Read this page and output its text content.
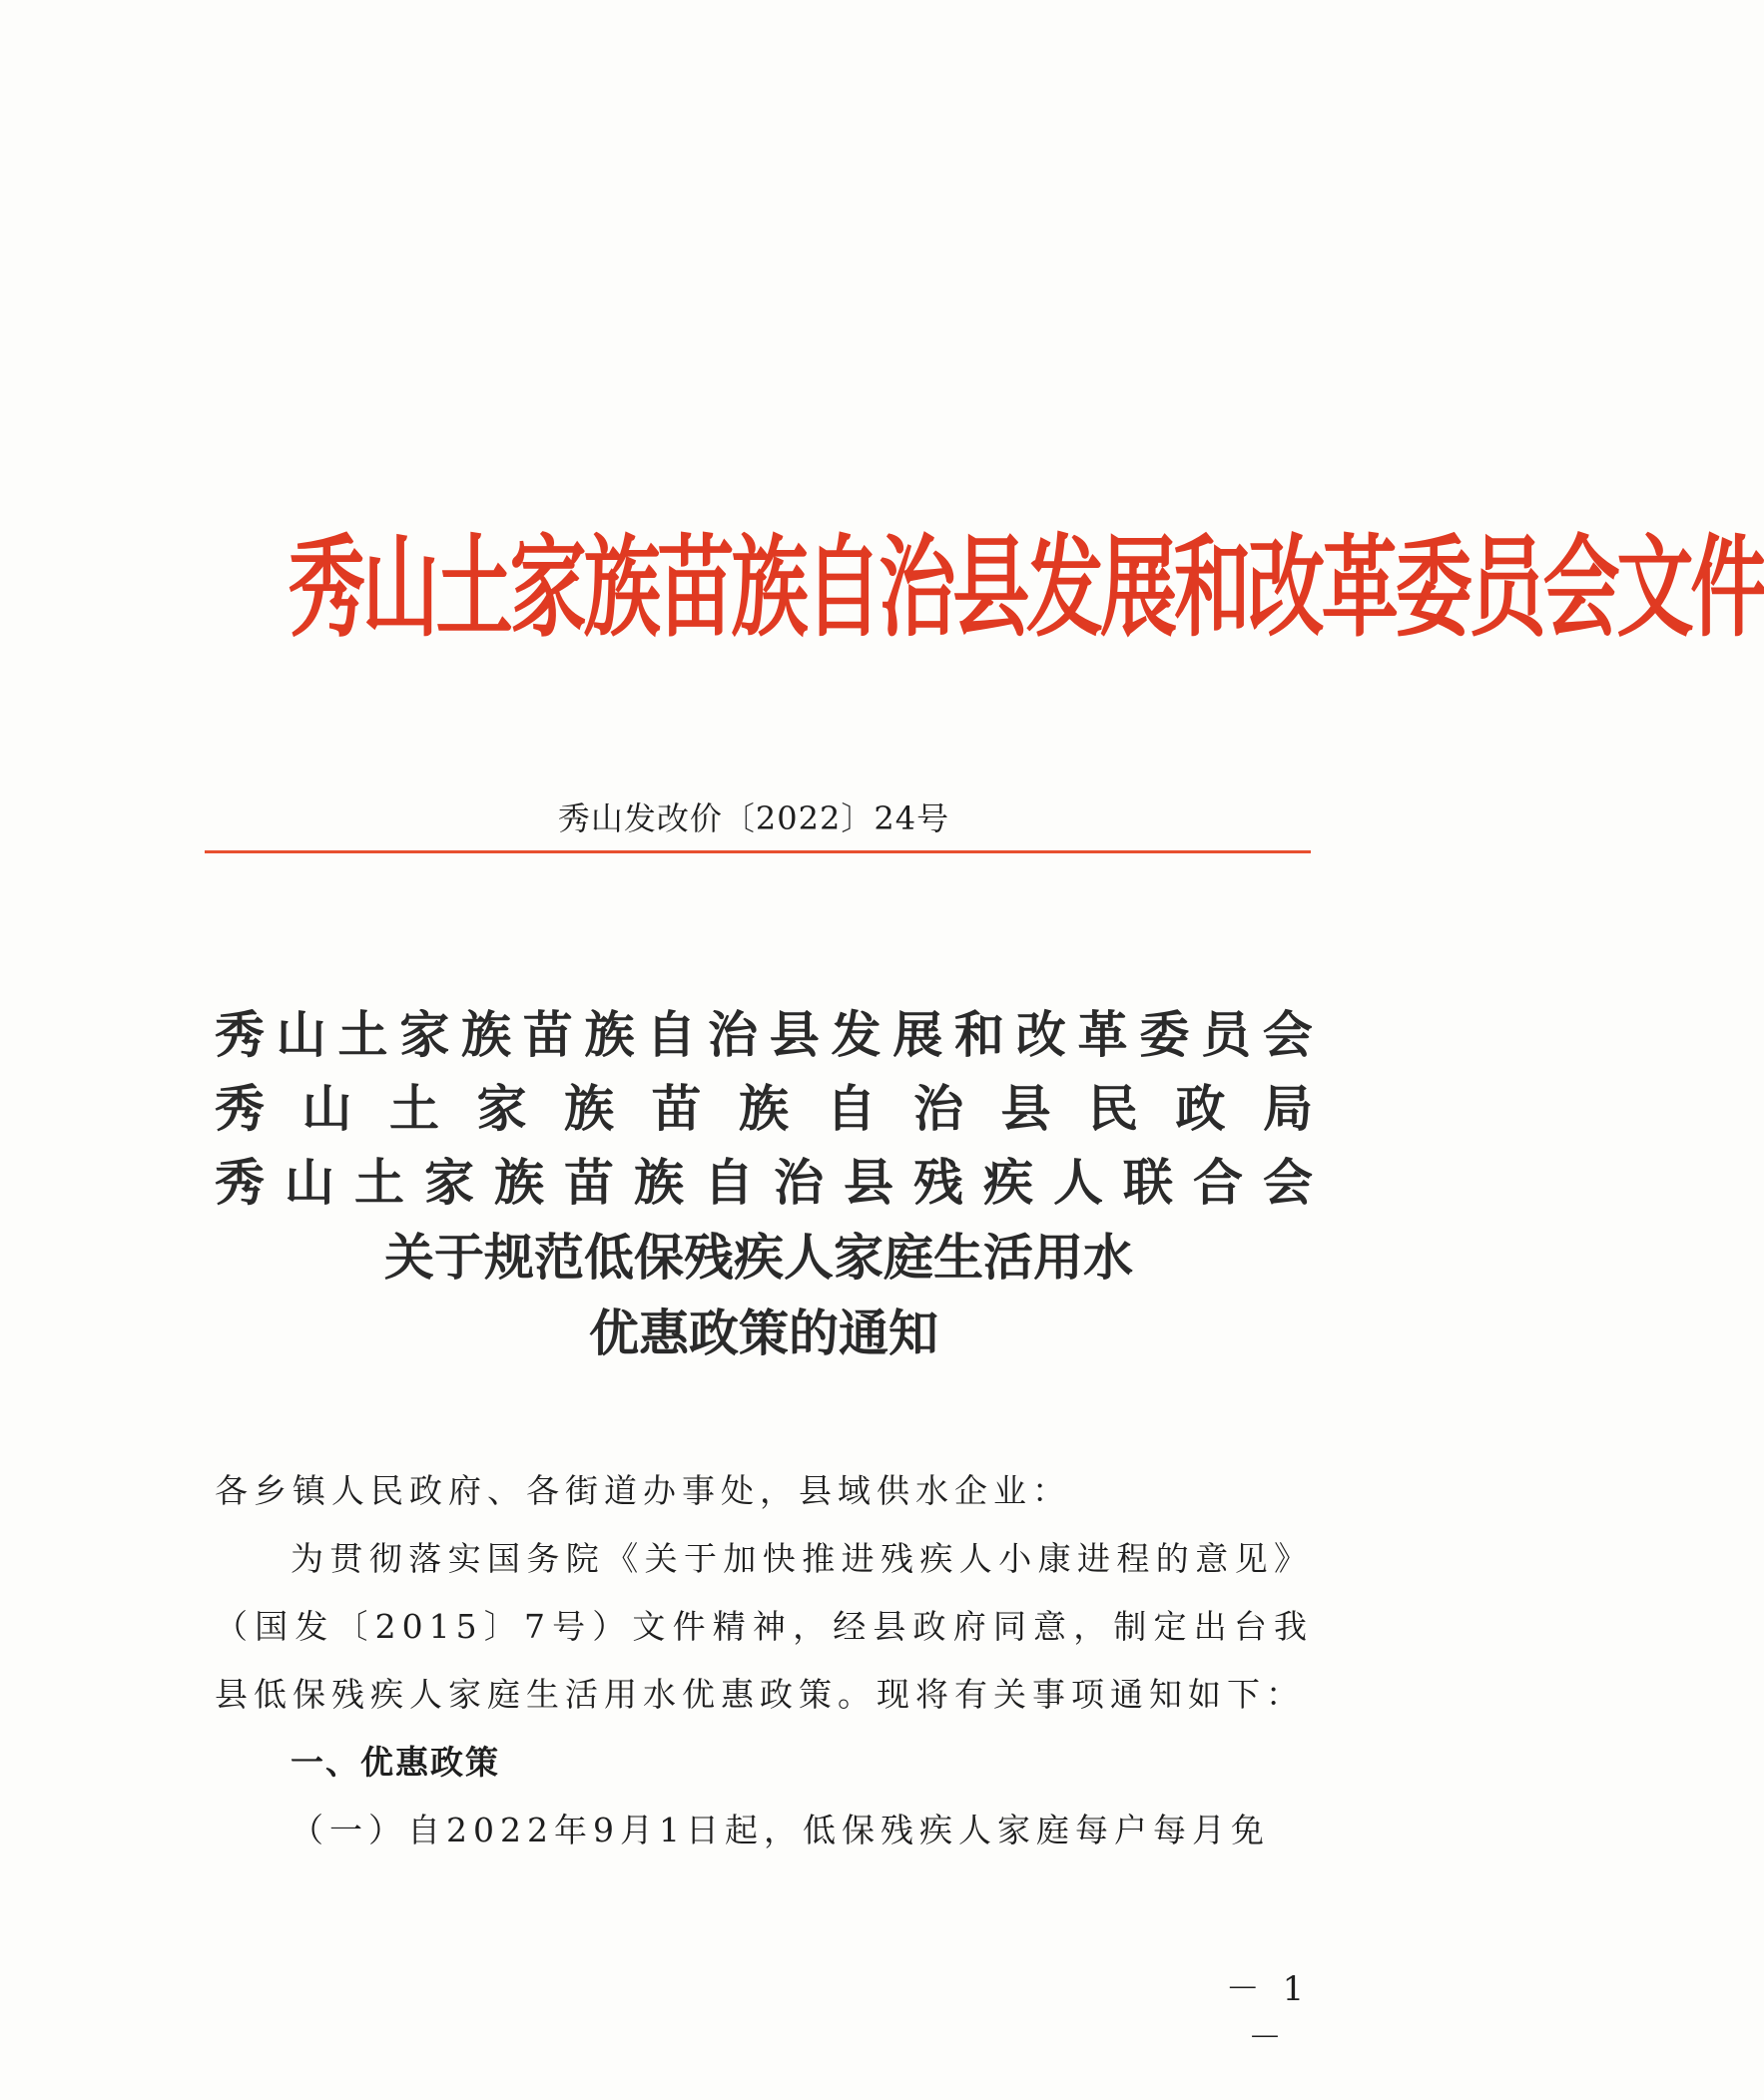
秀山土家族苗族自治县发展和改革委员会文件
秀山发改价〔2022〕24号
秀 山 土 家 族 苗 族 自 治 县 发 展 和 改 革 委 员 会
秀 山 土 家 族 苗 族 自 治 县 民 政 局
秀 山 土 家 族 苗 族 自 治 县 残 疾 人 联 合 会
关于规范低保残疾人家庭生活用水
优惠政策的通知

各乡镇人民政府、各街道办事处，县域供水企业：

为贯彻落实国务院《关于加快推进残疾人小康进程的意见》（国发〔2015〕7号）文件精神，经县政府同意，制定出台我县低保残疾人家庭生活用水优惠政策。现将有关事项通知如下：

一、优惠政策

（一）自2022年9月1日起，低保残疾人家庭每户每月免

－ 1 －
